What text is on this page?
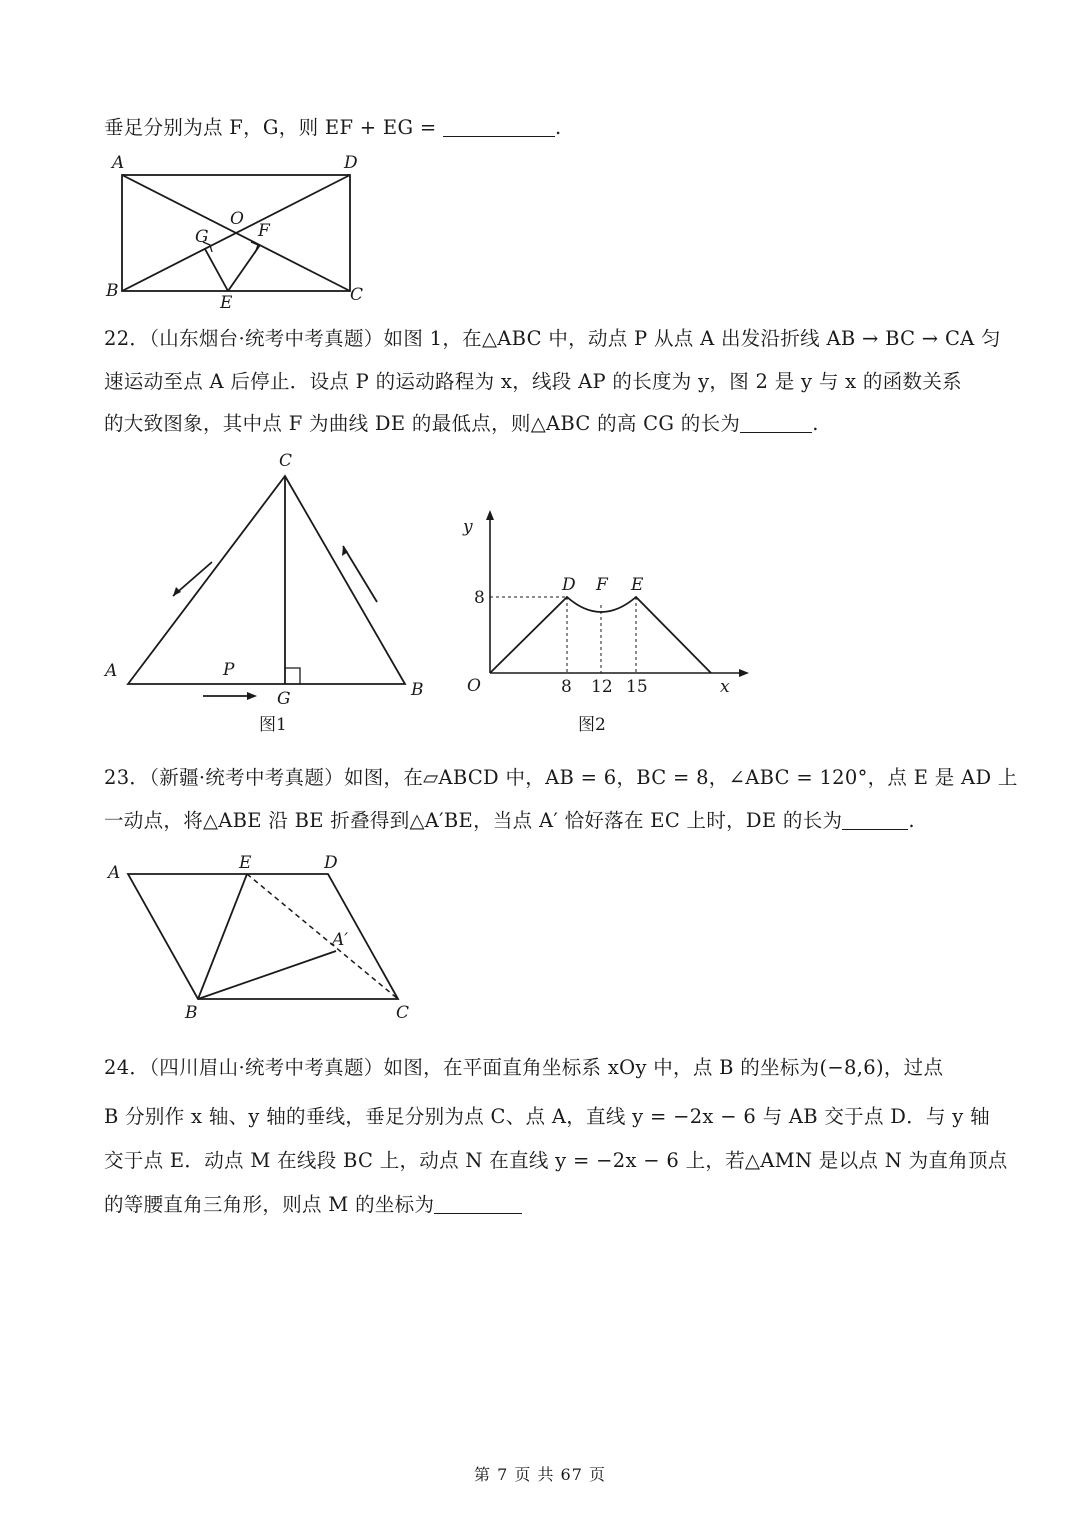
垂足分别为点 F，G，则 EF + EG =	.
A	D
B	C
O
G	F
E
22．（山东烟台·统考中考真题）如图 1，在△ABC 中，动点 P 从点 A 出发沿折线 AB → BC → CA 匀
速运动至点 A 后停止．设点 P 的运动路程为 x，线段 AP 的长度为 y，图 2 是 y 与 x 的函数关系
的大致图象，其中点 F 为曲线 DE 的最低点，则△ABC 的高 CG 的长为	.
C
A
B
P
G
图1
y
x
O
8
8 12 15
D F E
图2
23．（新疆·统考中考真题）如图，在▱ABCD 中，AB = 6，BC = 8，∠ABC = 120°，点 E 是 AD 上
一动点，将△ABE 沿 BE 折叠得到△A′BE，当点 A′ 恰好落在 EC 上时，DE 的长为	.
A	E	D
A′
B	C
24．（四川眉山·统考中考真题）如图，在平面直角坐标系 xOy 中，点 B 的坐标为(−8,6)，过点
B 分别作 x 轴、y 轴的垂线，垂足分别为点 C、点 A，直线 y = −2x − 6 与 AB 交于点 D．与 y 轴
交于点 E．动点 M 在线段 BC 上，动点 N 在直线 y = −2x − 6 上，若△AMN 是以点 N 为直角顶点
的等腰直角三角形，则点 M 的坐标为
第 7 页 共 67 页
